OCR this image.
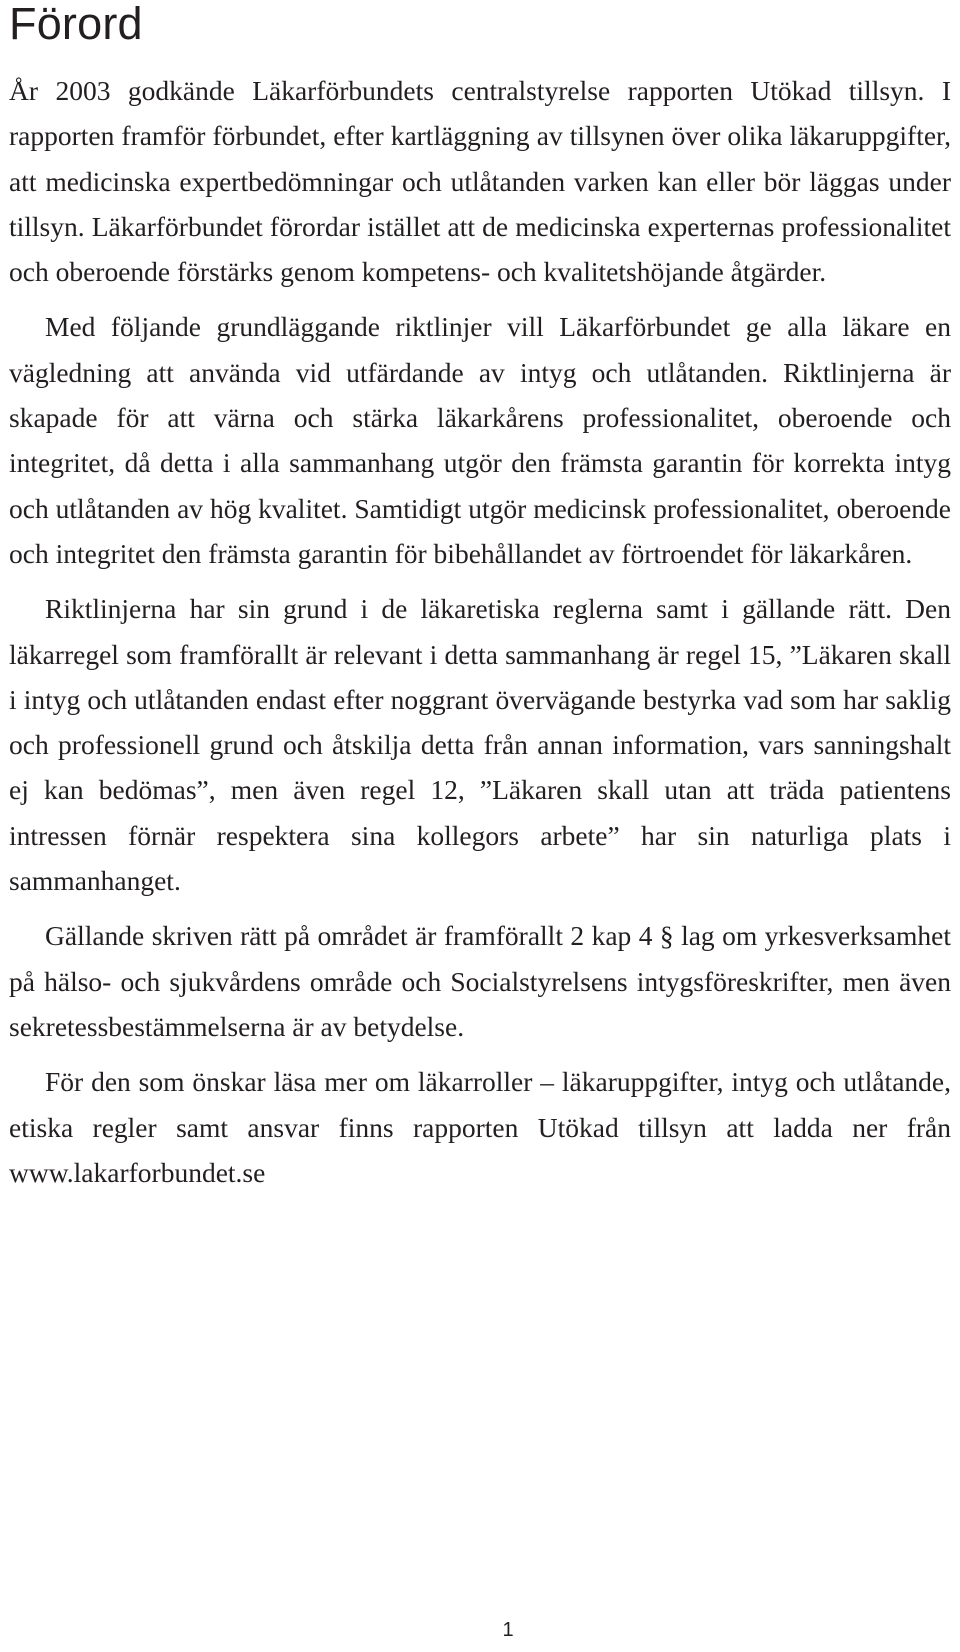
Förord

År 2003 godkände Läkarförbundets centralstyrelse rapporten Utökad tillsyn. I rapporten framför förbundet, efter kartläggning av tillsynen över olika läkaruppgifter, att medicinska expertbedömningar och utlåtanden varken kan eller bör läggas under tillsyn. Läkarförbundet förordar istället att de medicinska experternas professionalitet och oberoende förstärks genom kompetens- och kvalitetshöjande åtgärder.

Med följande grundläggande riktlinjer vill Läkarförbundet ge alla läkare en vägledning att använda vid utfärdande av intyg och utlåtanden. Riktlinjerna är skapade för att värna och stärka läkarkårens professionalitet, oberoende och integritet, då detta i alla sammanhang utgör den främsta garantin för korrekta intyg och utlåtanden av hög kvalitet. Samtidigt utgör medicinsk professionalitet, oberoende och integritet den främsta garantin för bibehållandet av förtroendet för läkarkåren.

Riktlinjerna har sin grund i de läkaretiska reglerna samt i gällande rätt. Den läkarregel som framförallt är relevant i detta sammanhang är regel 15, ”Läkaren skall i intyg och utlåtanden endast efter noggrant övervägande bestyrka vad som har saklig och professionell grund och åtskilja detta från annan information, vars sanningshalt ej kan bedömas”, men även regel 12, ”Läkaren skall utan att träda patientens intressen förnär respektera sina kollegors arbete” har sin naturliga plats i sammanhanget.

Gällande skriven rätt på området är framförallt 2 kap 4 § lag om yrkesverksamhet på hälso- och sjukvårdens område och Socialstyrelsens intygsföreskrifter, men även sekretessbestämmelserna är av betydelse.

För den som önskar läsa mer om läkarroller – läkaruppgifter, intyg och utlåtande, etiska regler samt ansvar finns rapporten Utökad tillsyn att ladda ner från www.lakarforbundet.se

1
